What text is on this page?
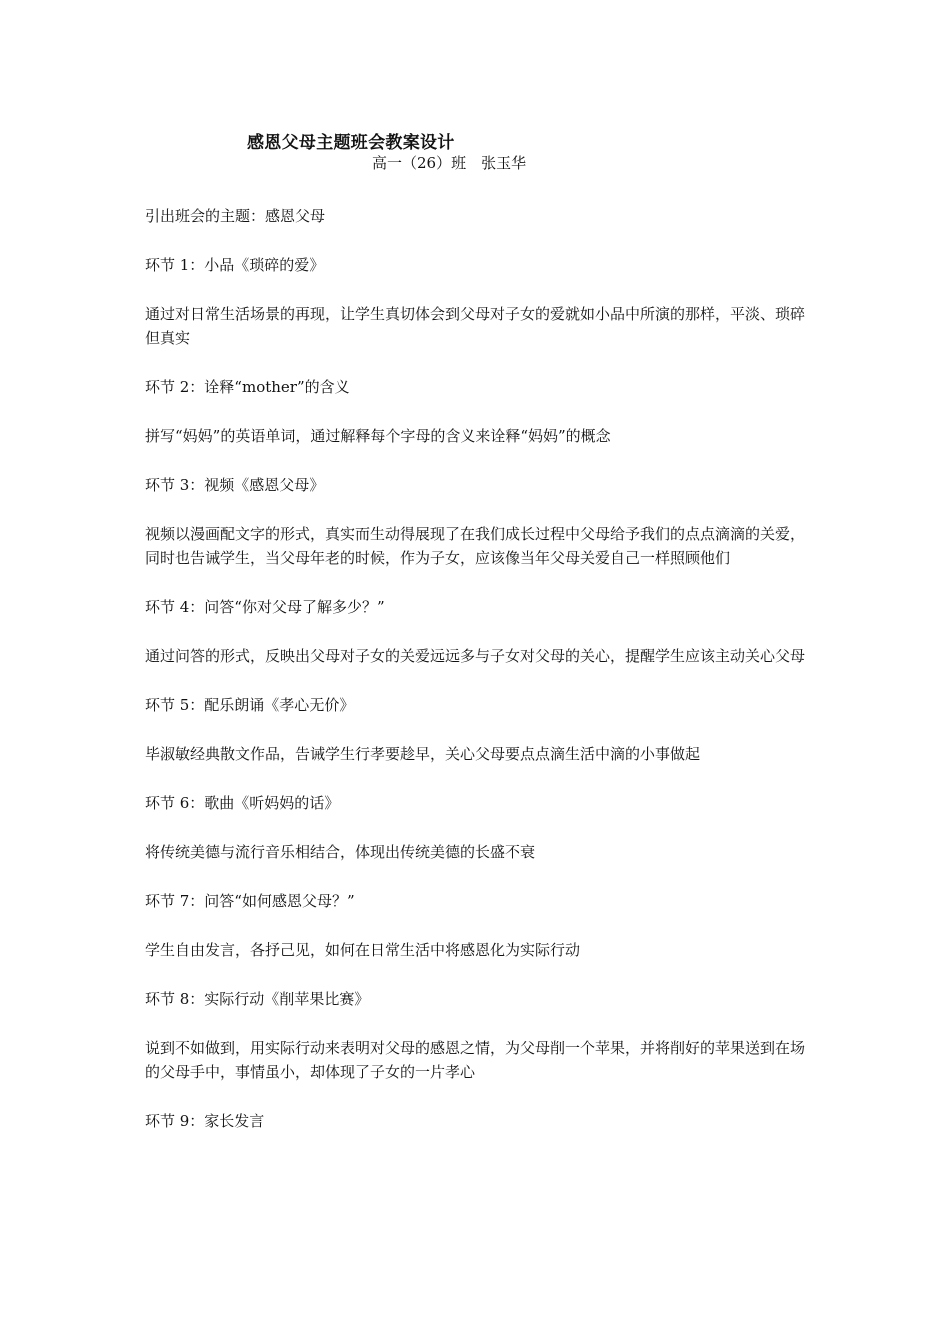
感恩父母主题班会教案设计
高一（26）班　张玉华

引出班会的主题：感恩父母

环节 1：小品《琐碎的爱》

通过对日常生活场景的再现，让学生真切体会到父母对子女的爱就如小品中所演的那样，平淡、琐碎但真实

环节 2：诠释“mother”的含义

拼写“妈妈”的英语单词，通过解释每个字母的含义来诠释“妈妈”的概念

环节 3：视频《感恩父母》

视频以漫画配文字的形式，真实而生动得展现了在我们成长过程中父母给予我们的点点滴滴的关爱，同时也告诫学生，当父母年老的时候，作为子女，应该像当年父母关爱自己一样照顾他们

环节 4：问答“你对父母了解多少？”

通过问答的形式，反映出父母对子女的关爱远远多与子女对父母的关心，提醒学生应该主动关心父母

环节 5：配乐朗诵《孝心无价》

毕淑敏经典散文作品，告诫学生行孝要趁早，关心父母要点点滴生活中滴的小事做起

环节 6：歌曲《听妈妈的话》

将传统美德与流行音乐相结合，体现出传统美德的长盛不衰

环节 7：问答“如何感恩父母？”

学生自由发言，各抒己见，如何在日常生活中将感恩化为实际行动

环节 8：实际行动《削苹果比赛》

说到不如做到，用实际行动来表明对父母的感恩之情，为父母削一个苹果，并将削好的苹果送到在场的父母手中，事情虽小，却体现了子女的一片孝心

环节 9：家长发言
